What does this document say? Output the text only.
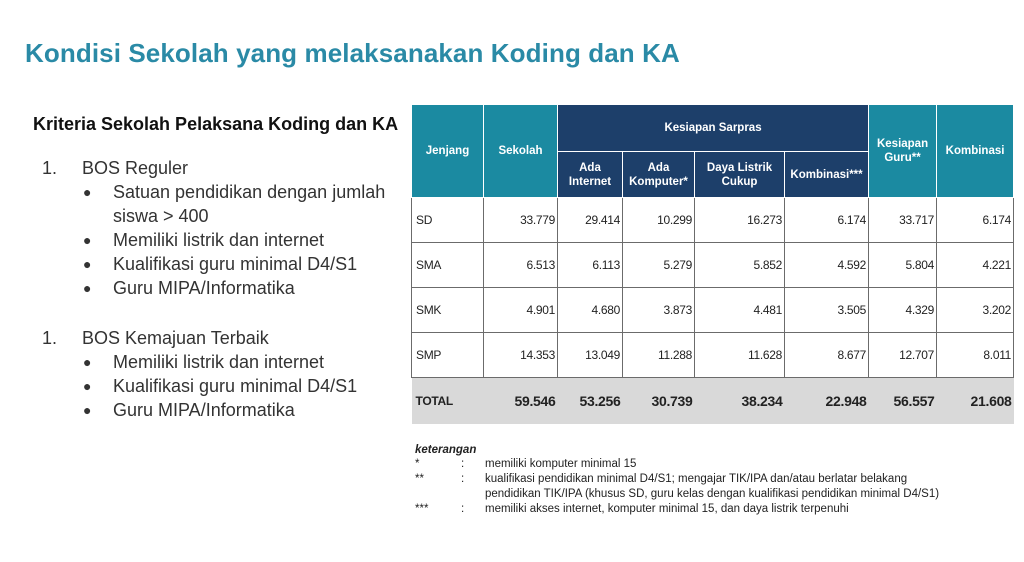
Kondisi Sekolah yang melaksanakan Koding dan KA
Kriteria Sekolah Pelaksana Koding dan KA
1.	BOS Reguler
●	Satuan pendidikan dengan jumlah siswa > 400
●	Memiliki listrik dan internet
●	Kualifikasi guru minimal D4/S1
●	Guru MIPA/Informatika
1.	BOS Kemajuan Terbaik
●	Memiliki listrik dan internet
●	Kualifikasi guru minimal D4/S1
●	Guru MIPA/Informatika
Jenjang	Sekolah	Kesiapan Sarpras				Kesiapan Guru**	Kombinasi
		Ada Internet	Ada Komputer*	Daya Listrik Cukup	Kombinasi***		
SD	33.779	29.414	10.299	16.273	6.174	33.717	6.174
SMA	6.513	6.113	5.279	5.852	4.592	5.804	4.221
SMK	4.901	4.680	3.873	4.481	3.505	4.329	3.202
SMP	14.353	13.049	11.288	11.628	8.677	12.707	8.011
TOTAL	59.546	53.256	30.739	38.234	22.948	56.557	21.608
keterangan
*	:	memiliki komputer minimal 15
**	:	kualifikasi pendidikan minimal D4/S1; mengajar TIK/IPA dan/atau berlatar belakang
pendidikan TIK/IPA (khusus SD, guru kelas dengan kualifikasi pendidikan minimal D4/S1)
***	:	memiliki akses internet, komputer minimal 15, dan daya listrik terpenuhi
